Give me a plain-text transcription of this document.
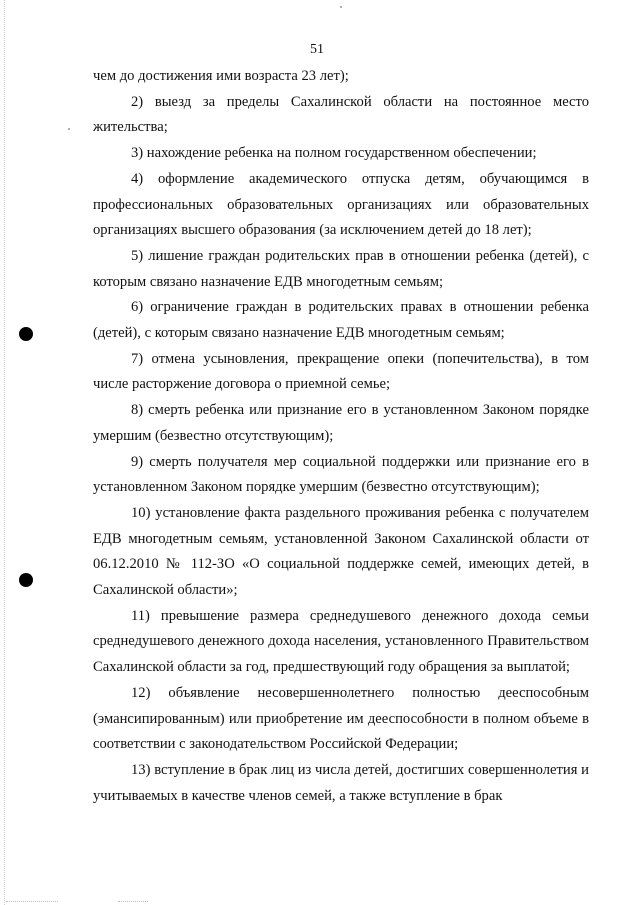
51

чем до достижения ими возраста 23 лет);

2) выезд за пределы Сахалинской области на постоянное место жительства;

3) нахождение ребенка на полном государственном обеспечении;

4) оформление академического отпуска детям, обучающимся в профессиональных образовательных организациях или образовательных организациях высшего образования (за исключением детей до 18 лет);

5) лишение граждан родительских прав в отношении ребенка (детей), с которым связано назначение ЕДВ многодетным семьям;

6) ограничение граждан в родительских правах в отношении ребенка (детей), с которым связано назначение ЕДВ многодетным семьям;

7) отмена усыновления, прекращение опеки (попечительства), в том числе расторжение договора о приемной семье;

8) смерть ребенка или признание его в установленном Законом порядке умершим (безвестно отсутствующим);

9) смерть получателя мер социальной поддержки или признание его в установленном Законом порядке умершим (безвестно отсутствующим);

10) установление факта раздельного проживания ребенка с получателем ЕДВ многодетным семьям, установленной Законом Сахалинской области от 06.12.2010 № 112-ЗО «О социальной поддержке семей, имеющих детей, в Сахалинской области»;

11) превышение размера среднедушевого денежного дохода семьи среднедушевого денежного дохода населения, установленного Правительством Сахалинской области за год, предшествующий году обращения за выплатой;

12) объявление несовершеннолетнего полностью дееспособным (эмансипированным) или приобретение им дееспособности в полном объеме в соответствии с законодательством Российской Федерации;

13) вступление в брак лиц из числа детей, достигших совершеннолетия и учитываемых в качестве членов семей, а также вступление в брак
